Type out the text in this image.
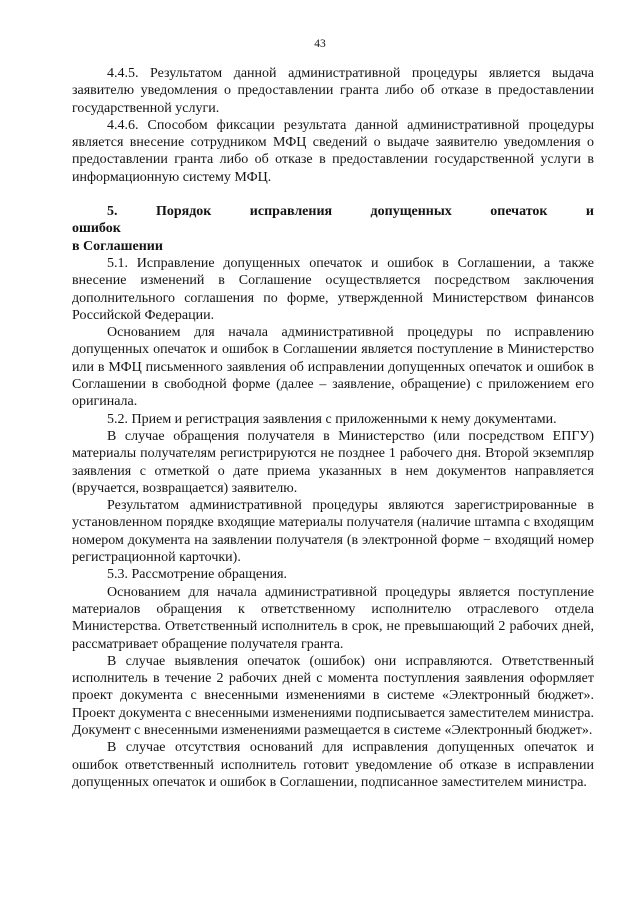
43

4.4.5. Результатом данной административной процедуры является выдача заявителю уведомления о предоставлении гранта либо об отказе в предоставлении государственной услуги.

4.4.6. Способом фиксации результата данной административной процедуры является внесение сотрудником МФЦ сведений о выдаче заявителю уведомления о предоставлении гранта либо об отказе в предоставлении государственной услуги в информационную систему МФЦ.

5. Порядок исправления допущенных опечаток и ошибок
в Соглашении

5.1. Исправление допущенных опечаток и ошибок в Соглашении, а также внесение изменений в Соглашение осуществляется посредством заключения дополнительного соглашения по форме, утвержденной Министерством финансов Российской Федерации.

Основанием для начала административной процедуры по исправлению допущенных опечаток и ошибок в Соглашении является поступление в Министерство или в МФЦ письменного заявления об исправлении допущенных опечаток и ошибок в Соглашении в свободной форме (далее – заявление, обращение) с приложением его оригинала.

5.2. Прием и регистрация заявления с приложенными к нему документами.

В случае обращения получателя в Министерство (или посредством ЕПГУ) материалы получателям регистрируются не позднее 1 рабочего дня. Второй экземпляр заявления с отметкой о дате приема указанных в нем документов направляется (вручается, возвращается) заявителю.

Результатом административной процедуры являются зарегистрированные в установленном порядке входящие материалы получателя (наличие штампа с входящим номером документа на заявлении получателя (в электронной форме − входящий номер регистрационной карточки).

5.3. Рассмотрение обращения.

Основанием для начала административной процедуры является поступление материалов обращения к ответственному исполнителю отраслевого отдела Министерства. Ответственный исполнитель в срок, не превышающий 2 рабочих дней, рассматривает обращение получателя гранта.

В случае выявления опечаток (ошибок) они исправляются. Ответственный исполнитель в течение 2 рабочих дней с момента поступления заявления оформляет проект документа с внесенными изменениями в системе «Электронный бюджет». Проект документа с внесенными изменениями подписывается заместителем министра. Документ с внесенными изменениями размещается в системе «Электронный бюджет».

В случае отсутствия оснований для исправления допущенных опечаток и ошибок ответственный исполнитель готовит уведомление об отказе в исправлении допущенных опечаток и ошибок в Соглашении, подписанное заместителем министра.
